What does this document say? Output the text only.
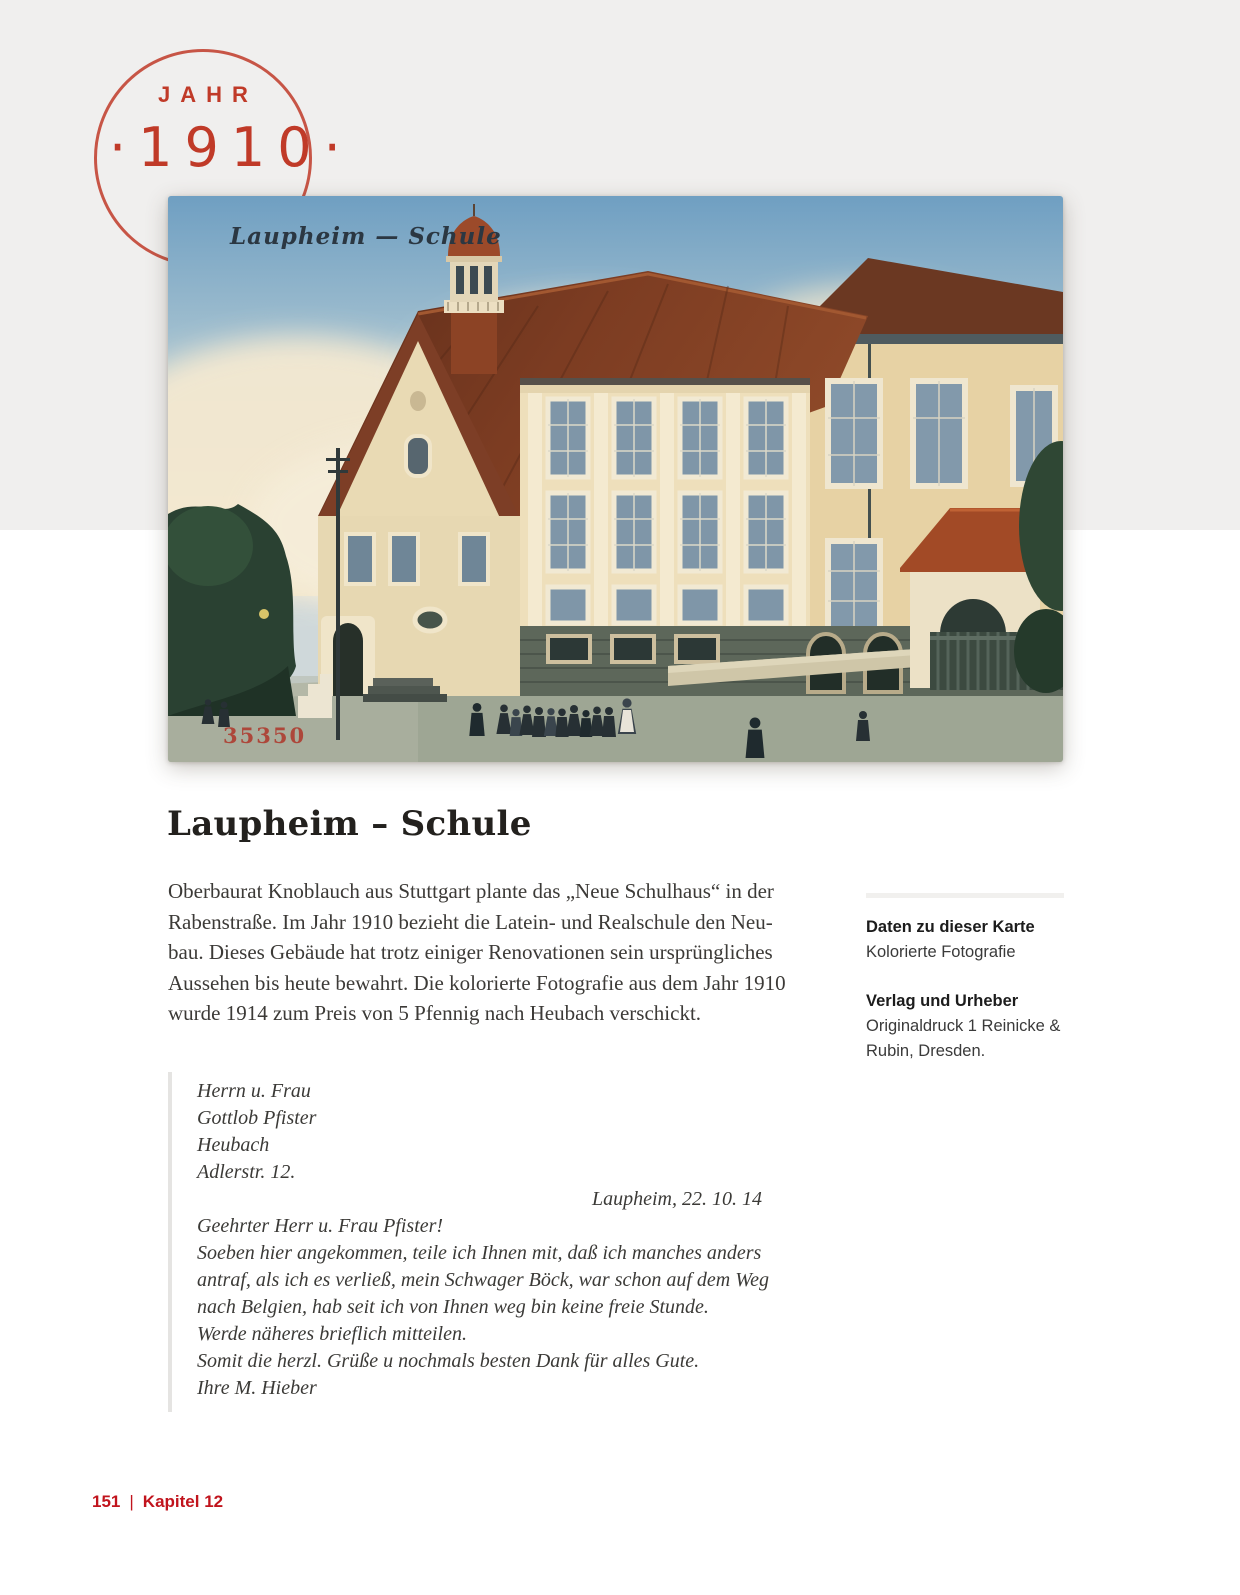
JAHR
·1910·
Laupheim — Schule
35350
Laupheim – Schule
Oberbaurat Knoblauch aus Stuttgart plante das „Neue Schulhaus“ in der
Rabenstraße. Im Jahr 1910 bezieht die Latein- und Realschule den Neu-
bau. Dieses Gebäude hat trotz einiger Renovationen sein ursprüngliches
Aussehen bis heute bewahrt. Die kolorierte Fotografie aus dem Jahr 1910
wurde 1914 zum Preis von 5 Pfennig nach Heubach verschickt.
Daten zu dieser Karte
Kolorierte Fotografie
Verlag und Urheber
Originaldruck 1 Reinicke &
Rubin, Dresden.
Herrn u. Frau
Gottlob Pfister
Heubach
Adlerstr. 12.
Laupheim, 22. 10. 14
Geehrter Herr u. Frau Pfister!
Soeben hier angekommen, teile ich Ihnen mit, daß ich manches anders
antraf, als ich es verließ, mein Schwager Böck, war schon auf dem Weg
nach Belgien, hab seit ich von Ihnen weg bin keine freie Stunde.
Werde näheres brieflich mitteilen.
Somit die herzl. Grüße u nochmals besten Dank für alles Gute.
Ihre M. Hieber
151 | Kapitel 12
